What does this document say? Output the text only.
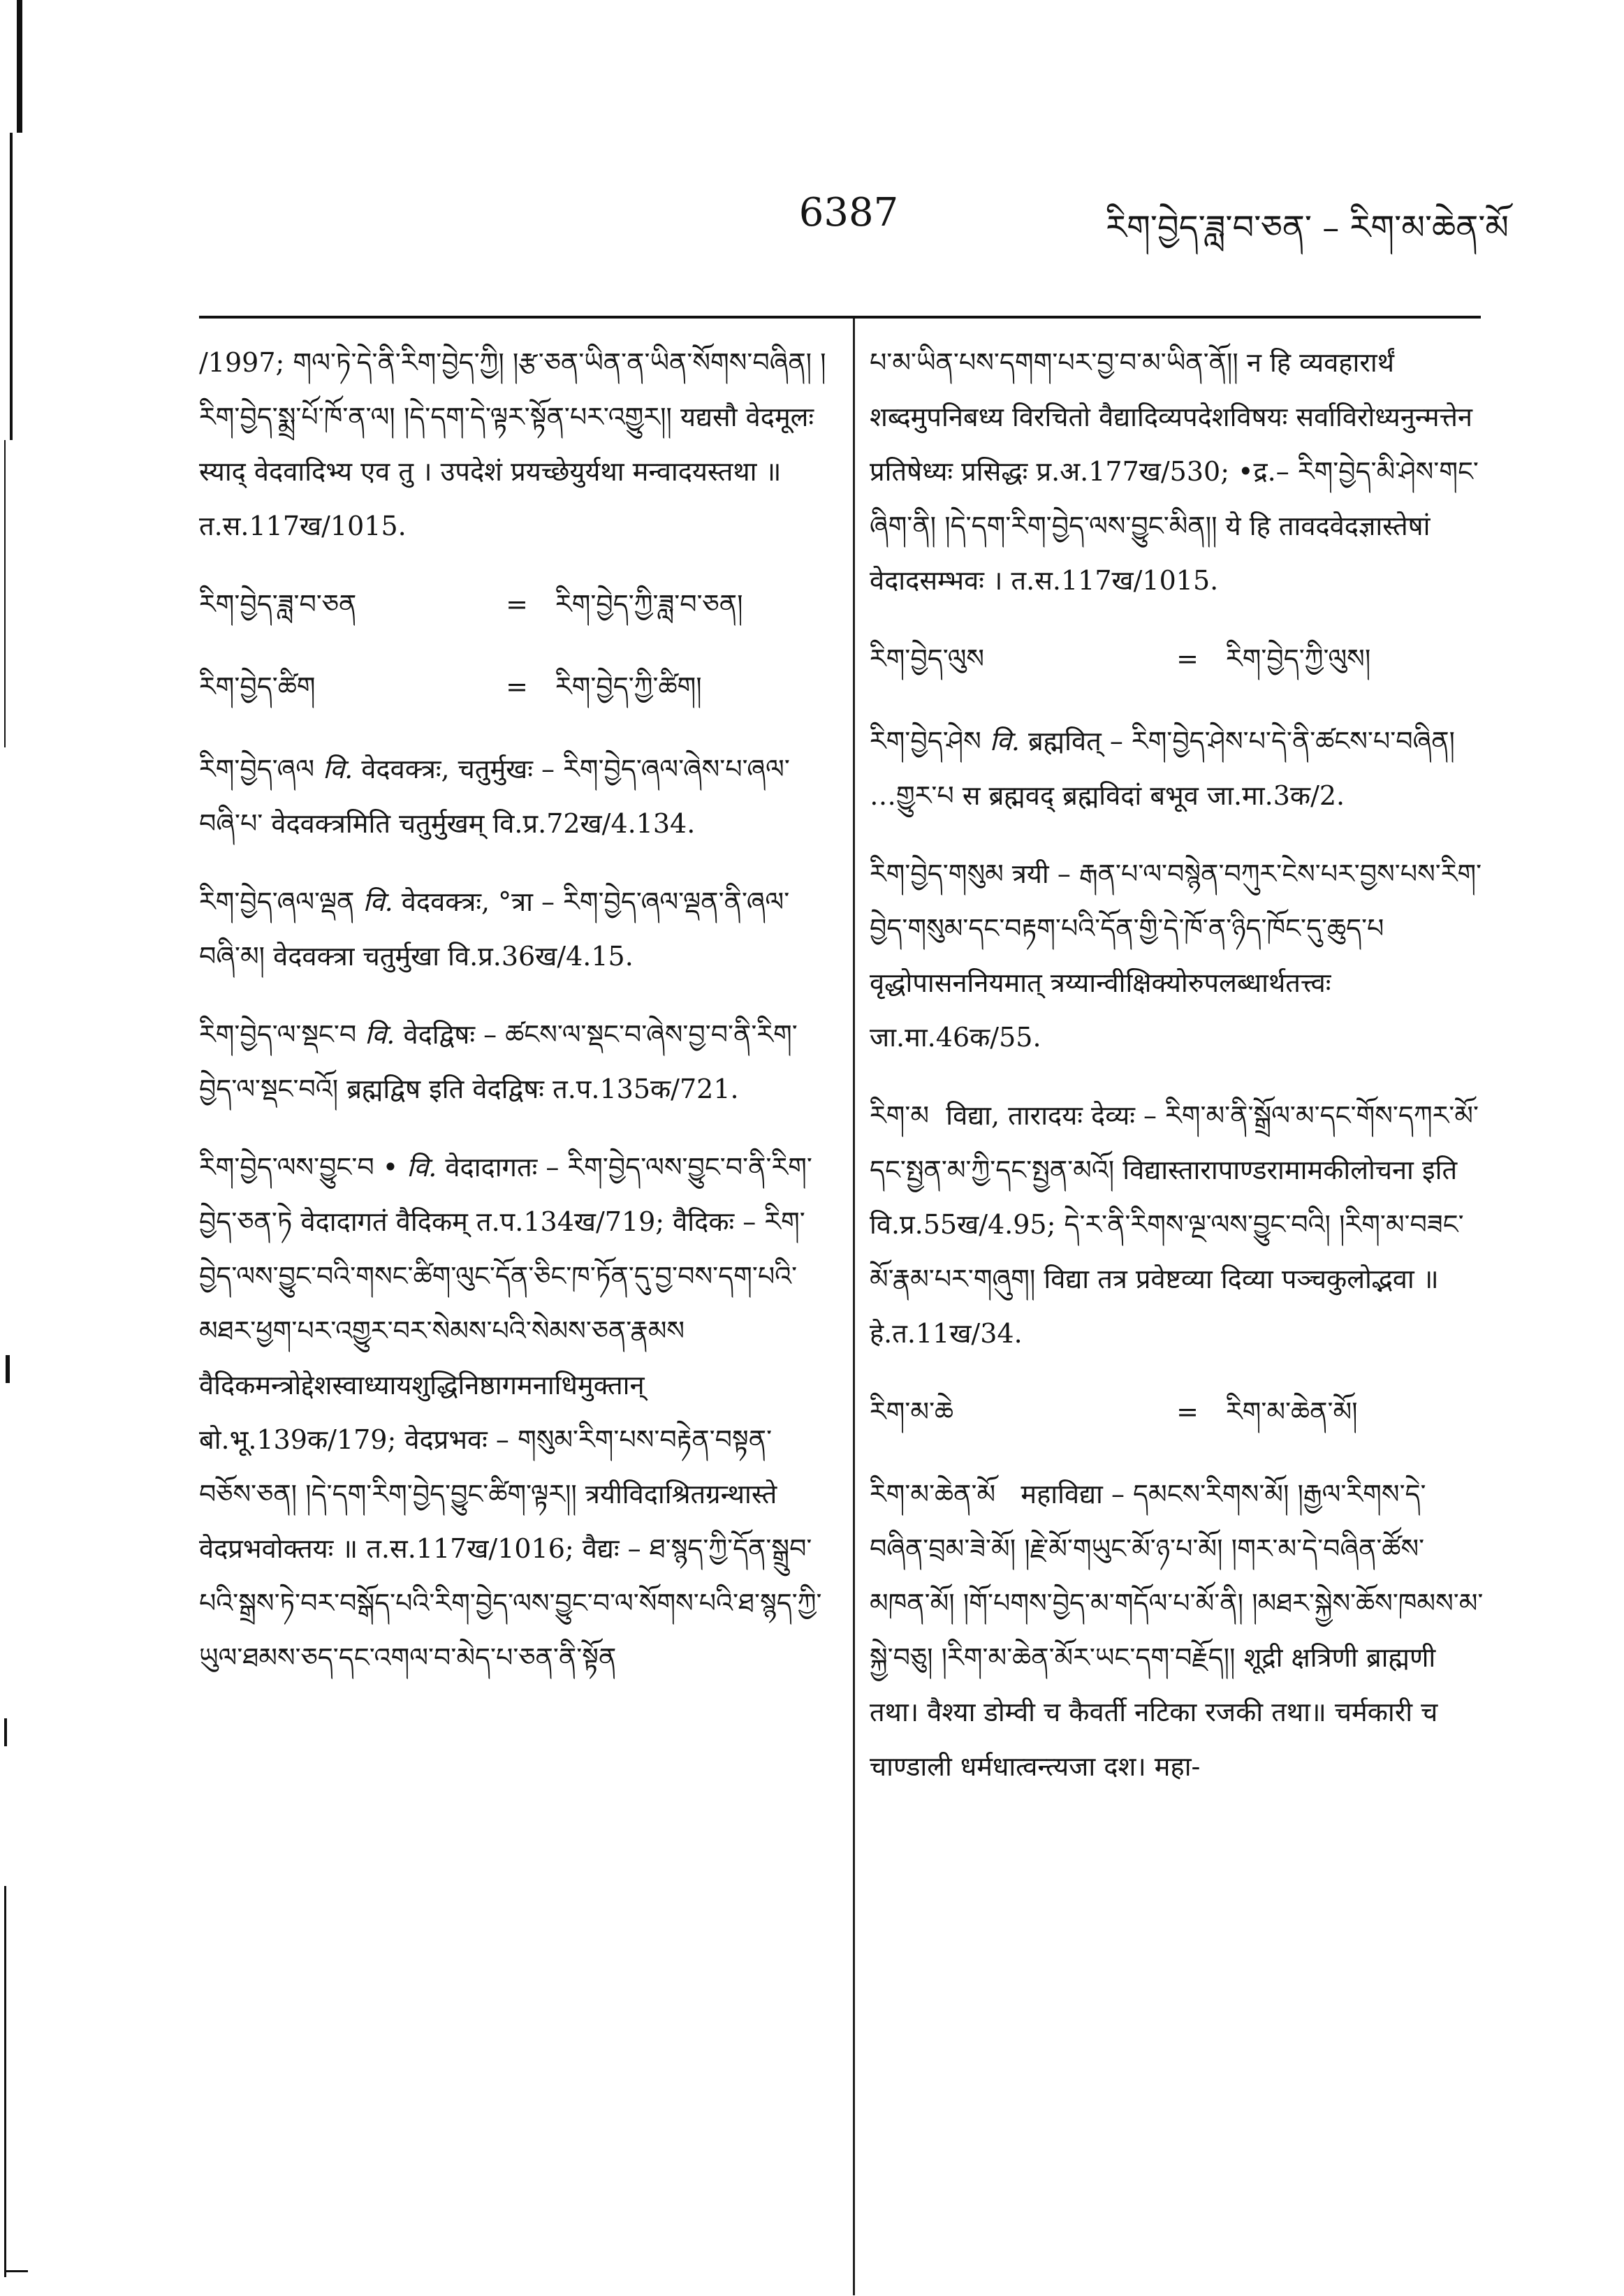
6387	རིག་བྱེད་ཟླ་བ་ཅན་ – རིག་མ་ཆེན་མོ
/1997; གལ་ཏེ་དེ་ནི་རིག་བྱེད་ཀྱི། །རྩ་ཅན་ཡིན་ན་ཡིན་སོགས་བཞིན། །རིག་བྱེད་སྨྲ་པོ་ཁོ་ན་ལ། །དེ་དག་དེ་ལྟར་སྟོན་པར་འགྱུར།། यद्यसौ वेदमूलः स्याद् वेदवादिभ्य एव तु । उपदेशं प्रयच्छेयुर्यथा मन्वादयस्तथा ॥ त.स.117ख/1015.
རིག་བྱེད་ཟླ་བ་ཅན	=	རིག་བྱེད་ཀྱི་ཟླ་བ་ཅན།
རིག་བྱེད་ཚིག	=	རིག་བྱེད་ཀྱི་ཚིག།
རིག་བྱེད་ཞལ वि. वेदवक्त्रः, चतुर्मुखः – རིག་བྱེད་ཞལ་ཞེས་པ་ཞལ་བཞི་པ་ वेदवक्त्रमिति चतुर्मुखम् वि.प्र.72ख/4.134.
རིག་བྱེད་ཞལ་ལྡན वि. वेदवक्त्रः, °त्रा – རིག་བྱེད་ཞལ་ལྡན་ནི་ཞལ་བཞི་མ། वेदवक्त्रा चतुर्मुखा वि.प्र.36ख/4.15.
རིག་བྱེད་ལ་སྡང་བ वि. वेदद्विषः – ཚངས་ལ་སྡང་བ་ཞེས་བྱ་བ་ནི་རིག་བྱེད་ལ་སྡང་བའོ། ब्रह्मद्विष इति वेदद्विषः त.प.135क/721.
རིག་བྱེད་ལས་བྱུང་བ • वि. वेदादागतः – རིག་བྱེད་ལས་བྱུང་བ་ནི་རིག་བྱེད་ཅན་ཏེ वेदादागतं वैदिकम् त.प.134ख/719; वैदिकः – རིག་བྱེད་ལས་བྱུང་བའི་གསང་ཚིག་ལུང་དོན་ཅིང་ཁ་ཏོན་དུ་བྱ་བས་དག་པའི་མཐར་ཕྱག་པར་འགྱུར་བར་སེམས་པའི་སེམས་ཅན་རྣམས वैदिकमन्त्रोद्देशस्वाध्यायशुद्धिनिष्ठागमनाधिमुक्तान् बो.भू.139क/179; वेदप्रभवः – གསུམ་རིག་པས་བརྟེན་བསྟན་བཅོས་ཅན། །དེ་དག་རིག་བྱེད་བྱུང་ཚིག་ལྟར།། त्रयीविदाश्रितग्रन्थास्ते वेदप्रभवोक्तयः ॥ त.स.117ख/1016; वैद्यः – ཐ་སྙད་ཀྱི་དོན་སྒྲུབ་པའི་སྒྲས་ཏེ་བར་བསྒོད་པའི་རིག་བྱེད་ལས་བྱུང་བ་ལ་སོགས་པའི་ཐ་སྙད་ཀྱི་ཡུལ་ཐམས་ཅད་དང་འགལ་བ་མེད་པ་ཅན་ནི་སྟོན
པ་མ་ཡིན་པས་དགག་པར་བྱ་བ་མ་ཡིན་ནོ།། न हि व्यवहारार्थं शब्दमुपनिबध्य विरचितो वैद्यादिव्यपदेशविषयः सर्वाविरोध्यनुन्मत्तेन प्रतिषेध्यः प्रसिद्धः प्र.अ.177ख/530; •द्र.– རིག་བྱེད་མི་ཤེས་གང་ཞིག་ནི། །དེ་དག་རིག་བྱེད་ལས་བྱུང་མིན།། ये हि तावदवेदज्ञास्तेषां वेदादसम्भवः । त.स.117ख/1015.
རིག་བྱེད་ལུས	=	རིག་བྱེད་ཀྱི་ལུས།
རིག་བྱེད་ཤེས वि. ब्रह्मवित् – རིག་བྱེད་ཤེས་པ་དེ་ནི་ཚངས་པ་བཞིན། …གྱུར་པ स ब्रह्मवद् ब्रह्मविदां बभूव जा.मा.3क/2.
རིག་བྱེད་གསུམ त्रयी – རྒན་པ་ལ་བསྙེན་བཀུར་ངེས་པར་བྱས་པས་རིག་བྱེད་གསུམ་དང་བརྟག་པའི་དོན་གྱི་དེ་ཁོ་ན་ཉིད་ཁོང་དུ་ཆུད་པ वृद्धोपासननियमात् त्रय्यान्वीक्षिक्योरुपलब्धार्थतत्त्वः जा.मा.46क/55.
རིག་མ  विद्या, तारादयः देव्यः – རིག་མ་ནི་སྒྲོལ་མ་དང་གོས་དཀར་མོ་དང་སྤྱན་མ་ཀྱི་དང་སྤྱན་མའོ། विद्यास्तारापाण्डरामामकीलोचना इति वि.प्र.55ख/4.95; དེ་ར་ནི་རིགས་ལྔ་ལས་བྱུང་བའི། །རིག་མ་བཟང་མོ་རྣམ་པར་གཞུག། विद्या तत्र प्रवेष्टव्या दिव्या पञ्चकुलोद्भवा ॥ हे.त.11ख/34.
རིག་མ་ཆེ	=	རིག་མ་ཆེན་མོ།
རིག་མ་ཆེན་མོ   महाविद्या – དམངས་རིགས་མོ། །རྒྱལ་རིགས་དེ་བཞིན་བྲམ་ཟེ་མོ། །རྗེ་མོ་གཡུང་མོ་ཉ་པ་མོ། །གར་མ་དེ་བཞིན་ཚོས་མཁན་མོ། །གོ་པགས་བྱེད་མ་གདོལ་པ་མོ་ནི། །མཐར་སྐྱེས་ཆོས་ཁམས་མ་སྐྱེ་བཅུ། །རིག་མ་ཆེན་མོར་ཡང་དག་བརྗོད།། शूद्री क्षत्रिणी ब्राह्मणी तथा। वैश्या डोम्वी च कैवर्ती नटिका रजकी तथा॥ चर्मकारी च चाण्डाली धर्मधात्वन्त्यजा दश। महा-
